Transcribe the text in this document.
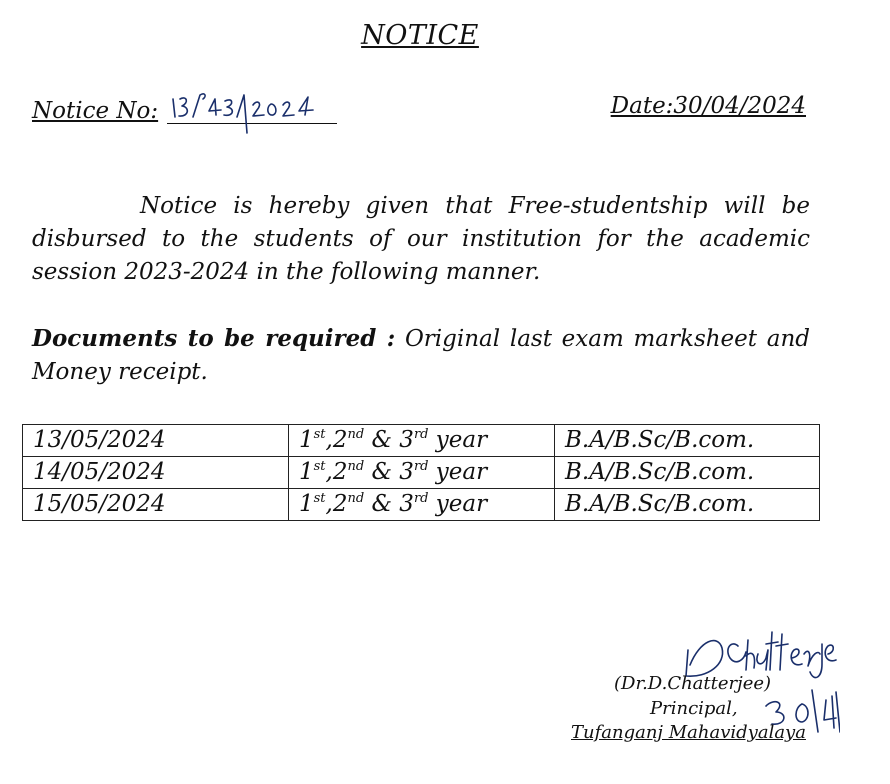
NOTICE
Notice No:	Date:30/04/2024
Notice is hereby given that Free-studentship will be disbursed to the students of our institution for the academic session 2023-2024 in the following manner.
Documents to be required : Original last exam marksheet and Money receipt.
13/05/2024	1st,2nd & 3rd year	B.A/B.Sc/B.com.
14/05/2024	1st,2nd & 3rd year	B.A/B.Sc/B.com.
15/05/2024	1st,2nd & 3rd year	B.A/B.Sc/B.com.
(Dr.D.Chatterjee)
Principal,
Tufanganj Mahavidyalaya
